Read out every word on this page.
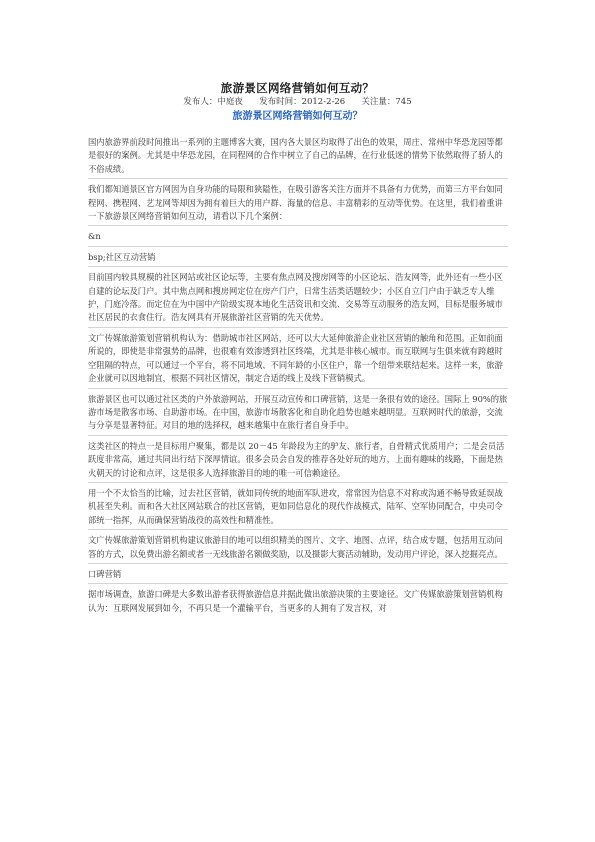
旅游景区网络营销如何互动？
发布人：中庭夜      发布时间：2012-2-26      关注量：745
旅游景区网络营销如何互动？

国内旅游界前段时间推出一系列的主题博客大赛，国内各大景区均取得了出色的效果，周庄、常州中华恐龙园等都是很好的案例。尤其是中华恐龙园，在同程网的合作中树立了自己的品牌，在行业低迷的情势下依然取得了骄人的不俗成绩。

我们都知道景区官方网因为自身功能的局限和狭隘性，在吸引游客关注方面并不具备有力优势，而第三方平台如同程网、携程网、艺龙网等却因为拥有着巨大的用户群、海量的信息、丰富精彩的互动等优势。在这里，我们着重讲一下旅游景区网络营销如何互动，请看以下几个案例：

&n

bsp;社区互动营销

目前国内较具规模的社区网站或社区论坛等，主要有焦点网及搜房网等的小区论坛、浩友网等，此外还有一些小区自建的论坛及门户。其中焦点网和搜房网定位在房产门户，日常生活类话题较少；小区自立门户由于缺乏专人维护，门庭冷落。而定位在为中国中产阶级实现本地化生活资讯和交流、交易等互动服务的浩友网，目标是服务城市社区居民的衣食住行。浩友网具有开展旅游社区营销的先天优势。

文广传媒旅游策划营销机构认为：借助城市社区网站，还可以大大延伸旅游企业社区营销的触角和范围。正如前面所说的，即使是非常强势的品牌，也很难有效渗透到社区终端，尤其是非核心城市。而互联网与生俱来就有跨越时空阻隔的特点，可以通过一个平台，将不同地域、不同年龄的小区住户，靠一个纽带来联结起来。这样一来，旅游企业就可以因地制宜，根据不同社区情况，制定合适的线上及线下营销模式。

旅游景区也可以通过社区类的户外旅游网站，开展互动宣传和口碑营销，这是一条很有效的途径。国际上 90%的旅游市场是散客市场、自助游市场。在中国，旅游市场散客化和自助化趋势也越来越明显。互联网时代的旅游，交流与分享是显著特征。对目的地的选择权，越来越集中在旅行者自身手中。

这类社区的特点一是目标用户聚集，都是以 20－45 年龄段为主的驴友、旅行者，自骨精式优质用户；二是会员活跃度非常高，通过共同出行结下深厚情谊。很多会员会自发的推荐各处好玩的地方，上面有趣味的线路，下面是热火朝天的讨论和点评，这是很多人选择旅游目的地的唯一可信赖途径。

用一个不太恰当的比喻，过去社区营销，就如同传统的地面军队进攻，常常因为信息不对称或沟通不畅导致延误战机甚至失利。而和各大社区网站联合的社区营销，更如同信息化的现代作战模式，陆军、空军协同配合，中央司令部统一指挥，从而确保营销战役的高效性和精准性。

文广传媒旅游策划营销机构建议旅游目的地可以组织精美的图片、文字、地图、点评，结合成专题，包括用互动问答的方式，以免费出游名额或者一无线旅游名额做奖励，以及摄影大赛活动辅助，发动用户评论，深入挖掘亮点。

口碑营销

据市场调查，旅游口碑是大多数出游者获得旅游信息并据此做出旅游决策的主要途径。文广传媒旅游策划营销机构认为：互联网发展到如今，不再只是一个灌输平台，当更多的人拥有了发言权，对
